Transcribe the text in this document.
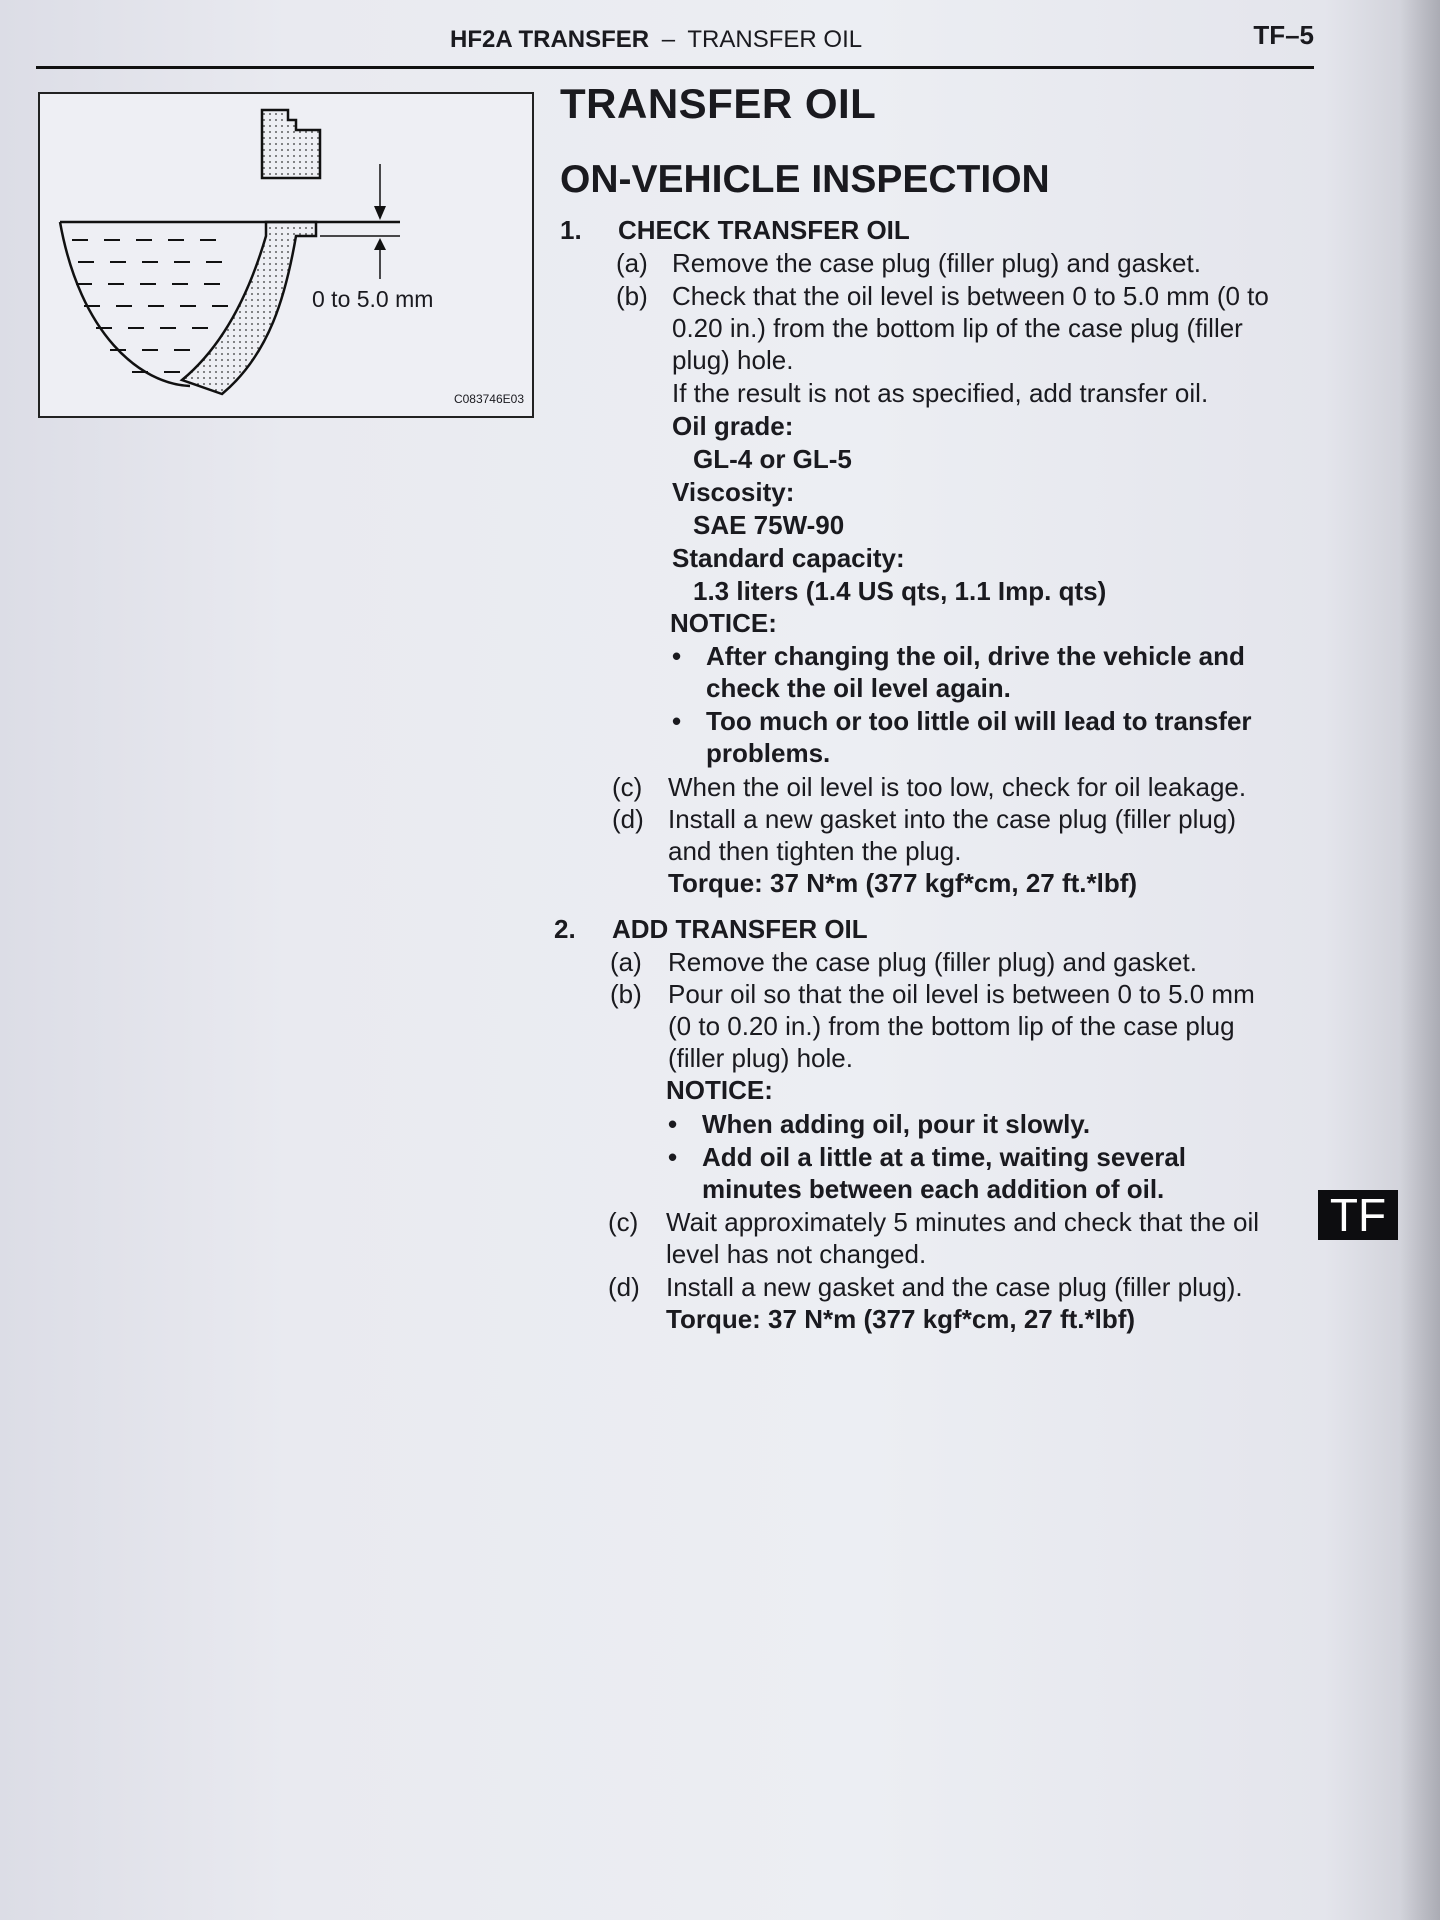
HF2A TRANSFER – TRANSFER OIL	TF–5
0 to 5.0 mm
C083746E03
TRANSFER OIL
ON-VEHICLE INSPECTION
1. CHECK TRANSFER OIL
(a) Remove the case plug (filler plug) and gasket.
(b) Check that the oil level is between 0 to 5.0 mm (0 to
0.20 in.) from the bottom lip of the case plug (filler
plug) hole.
If the result is not as specified, add transfer oil.
Oil grade:
GL-4 or GL-5
Viscosity:
SAE 75W-90
Standard capacity:
1.3 liters (1.4 US qts, 1.1 Imp. qts)
NOTICE:
• After changing the oil, drive the vehicle and
check the oil level again.
• Too much or too little oil will lead to transfer
problems.
(c) When the oil level is too low, check for oil leakage.
(d) Install a new gasket into the case plug (filler plug)
and then tighten the plug.
Torque: 37 N*m (377 kgf*cm, 27 ft.*lbf)
2. ADD TRANSFER OIL
(a) Remove the case plug (filler plug) and gasket.
(b) Pour oil so that the oil level is between 0 to 5.0 mm
(0 to 0.20 in.) from the bottom lip of the case plug
(filler plug) hole.
NOTICE:
• When adding oil, pour it slowly.
• Add oil a little at a time, waiting several
minutes between each addition of oil.
(c) Wait approximately 5 minutes and check that the oil
level has not changed.
(d) Install a new gasket and the case plug (filler plug).
Torque: 37 N*m (377 kgf*cm, 27 ft.*lbf)
TF
